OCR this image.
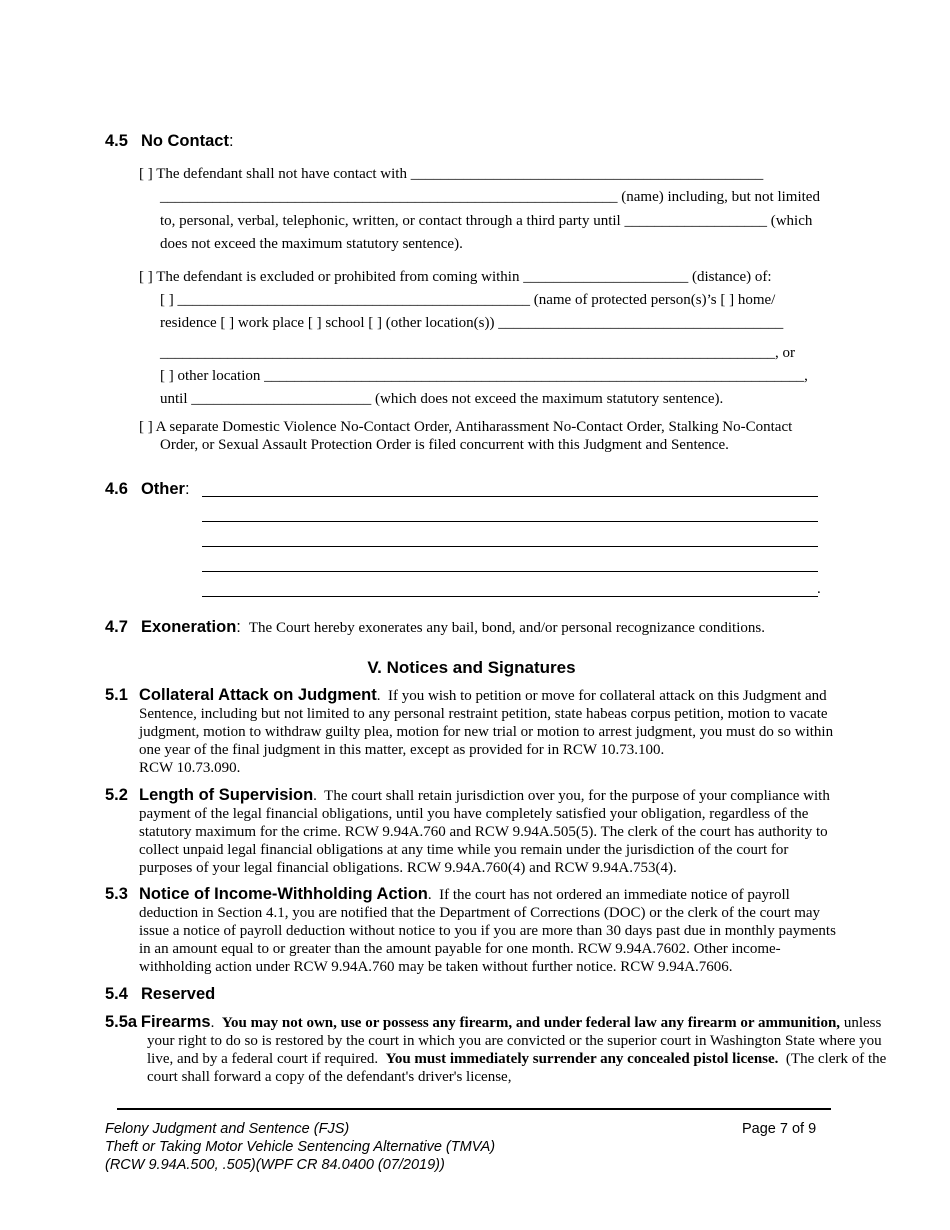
4.5 No Contact:
[ ] The defendant shall not have contact with _______________________________________________
_____________________________________________________________ (name) including, but not limited
to, personal, verbal, telephonic, written, or contact through a third party until ___________________ (which
does not exceed the maximum statutory sentence).
[ ] The defendant is excluded or prohibited from coming within ______________________ (distance) of:
[ ] _______________________________________________ (name of protected person(s)’s [ ] home/
residence [ ] work place [ ] school [ ] (other location(s)) ______________________________________
__________________________________________________________________________________, or
[ ] other location ________________________________________________________________________,
until ________________________ (which does not exceed the maximum statutory sentence).
[ ] A separate Domestic Violence No-Contact Order, Antiharassment No-Contact Order, Stalking No-Contact
Order, or Sexual Assault Protection Order is filed concurrent with this Judgment and Sentence.
4.6 Other:
.
4.7 Exoneration: The Court hereby exonerates any bail, bond, and/or personal recognizance conditions.
V. Notices and Signatures
5.1 Collateral Attack on Judgment. If you wish to petition or move for collateral attack on this Judgment and Sentence, including but not limited to any personal restraint petition, state habeas corpus petition, motion to vacate judgment, motion to withdraw guilty plea, motion for new trial or motion to arrest judgment, you must do so within one year of the final judgment in this matter, except as provided for in RCW 10.73.100.
RCW 10.73.090.
5.2 Length of Supervision. The court shall retain jurisdiction over you, for the purpose of your compliance with payment of the legal financial obligations, until you have completely satisfied your obligation, regardless of the statutory maximum for the crime. RCW 9.94A.760 and RCW 9.94A.505(5). The clerk of the court has authority to collect unpaid legal financial obligations at any time while you remain under the jurisdiction of the court for purposes of your legal financial obligations. RCW 9.94A.760(4) and RCW 9.94A.753(4).
5.3 Notice of Income-Withholding Action. If the court has not ordered an immediate notice of payroll deduction in Section 4.1, you are notified that the Department of Corrections (DOC) or the clerk of the court may issue a notice of payroll deduction without notice to you if you are more than 30 days past due in monthly payments in an amount equal to or greater than the amount payable for one month. RCW 9.94A.7602. Other income-withholding action under RCW 9.94A.760 may be taken without further notice. RCW 9.94A.7606.
5.4 Reserved
5.5a Firearms. You may not own, use or possess any firearm, and under federal law any firearm or ammunition, unless your right to do so is restored by the court in which you are convicted or the superior court in Washington State where you live, and by a federal court if required. You must immediately surrender any concealed pistol license. (The clerk of the court shall forward a copy of the defendant's driver's license,
Felony Judgment and Sentence (FJS)
Theft or Taking Motor Vehicle Sentencing Alternative (TMVA)
(RCW 9.94A.500, .505)(WPF CR 84.0400 (07/2019))
Page 7 of 9
